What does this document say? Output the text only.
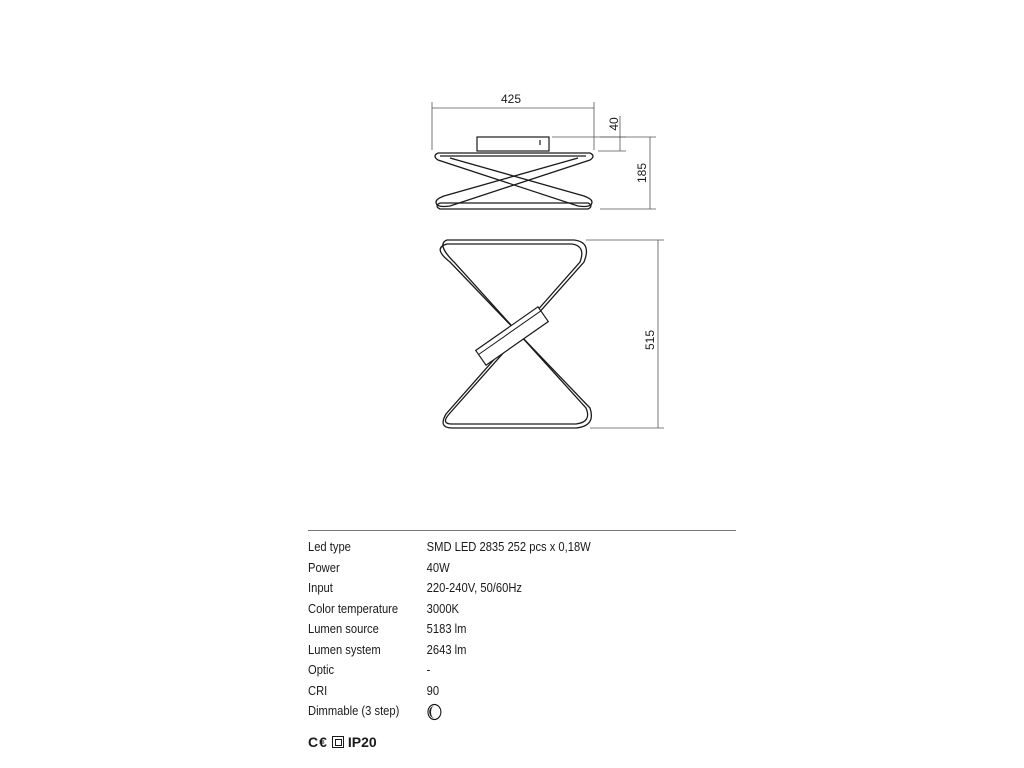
425
40
185
515
Led type	SMD LED 2835 252 pcs x 0,18W
Power	40W
Input	220-240V, 50/60Hz
Color temperature	3000K
Lumen source	5183 lm
Lumen system	2643 lm
Optic	-
CRI	90
Dimmable (3 step)
C€ IP20
